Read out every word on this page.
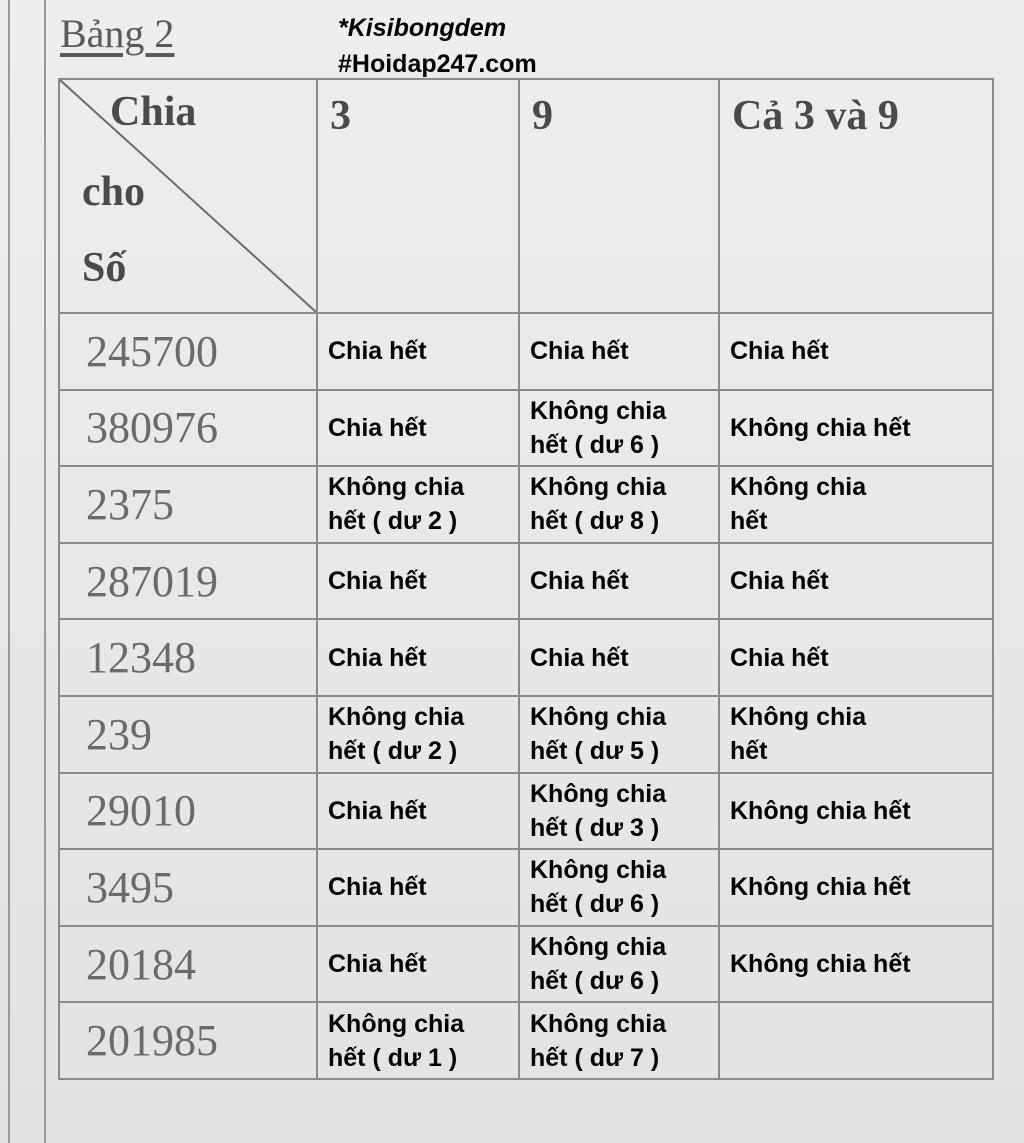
Bảng 2	*Kisibongdem
#Hoidap247.com
Chia
cho
Số	3	9	Cả 3 và 9
245700	Chia hết	Chia hết	Chia hết

380976	Chia hết	Không chia
hết ( dư 6 )	Không chia hết

2375	Không chia
hết ( dư 2 )	Không chia
hết ( dư 8 )	Không chia
hết

287019	Chia hết	Chia hết	Chia hết

12348	Chia hết	Chia hết	Chia hết

239	Không chia
hết ( dư 2 )	Không chia
hết ( dư 5 )	Không chia
hết

29010	Chia hết	Không chia
hết ( dư 3 )	Không chia hết

3495	Chia hết	Không chia
hết ( dư 6 )	Không chia hết

20184	Chia hết	Không chia
hết ( dư 6 )	Không chia hết

201985	Không chia
hết ( dư 1 )	Không chia
hết ( dư 7 )	
